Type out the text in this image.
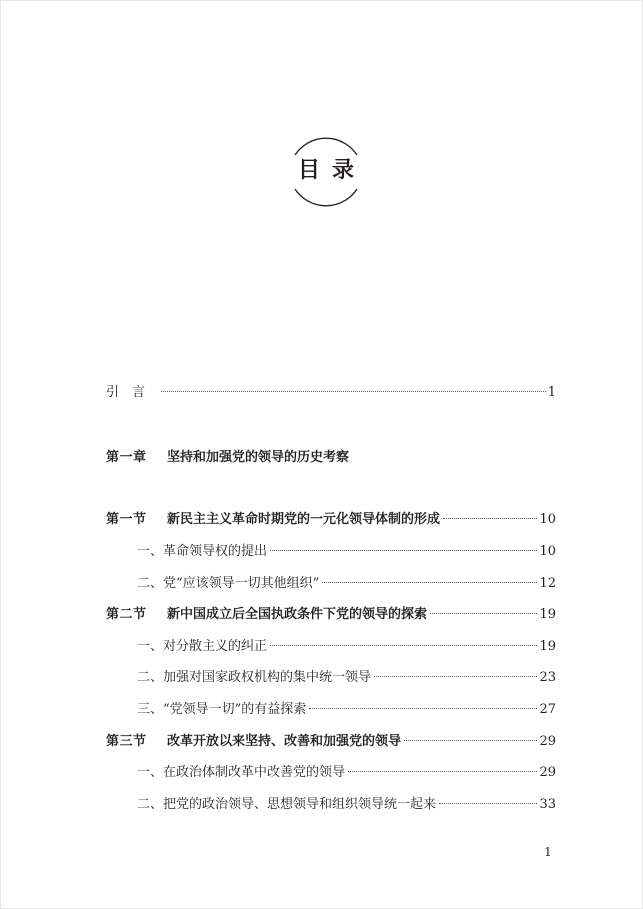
目录
引言	1
第一章	坚持和加强党的领导的历史考察
第一节	新民主主义革命时期党的一元化领导体制的形成	10
一、革命领导权的提出	10
二、党“应该领导一切其他组织”	12
第二节	新中国成立后全国执政条件下党的领导的探索	19
一、对分散主义的纠正	19
二、加强对国家政权机构的集中统一领导	23
三、“党领导一切”的有益探索	27
第三节	改革开放以来坚持、改善和加强党的领导	29
一、在政治体制改革中改善党的领导	29
二、把党的政治领导、思想领导和组织领导统一起来	33
1
